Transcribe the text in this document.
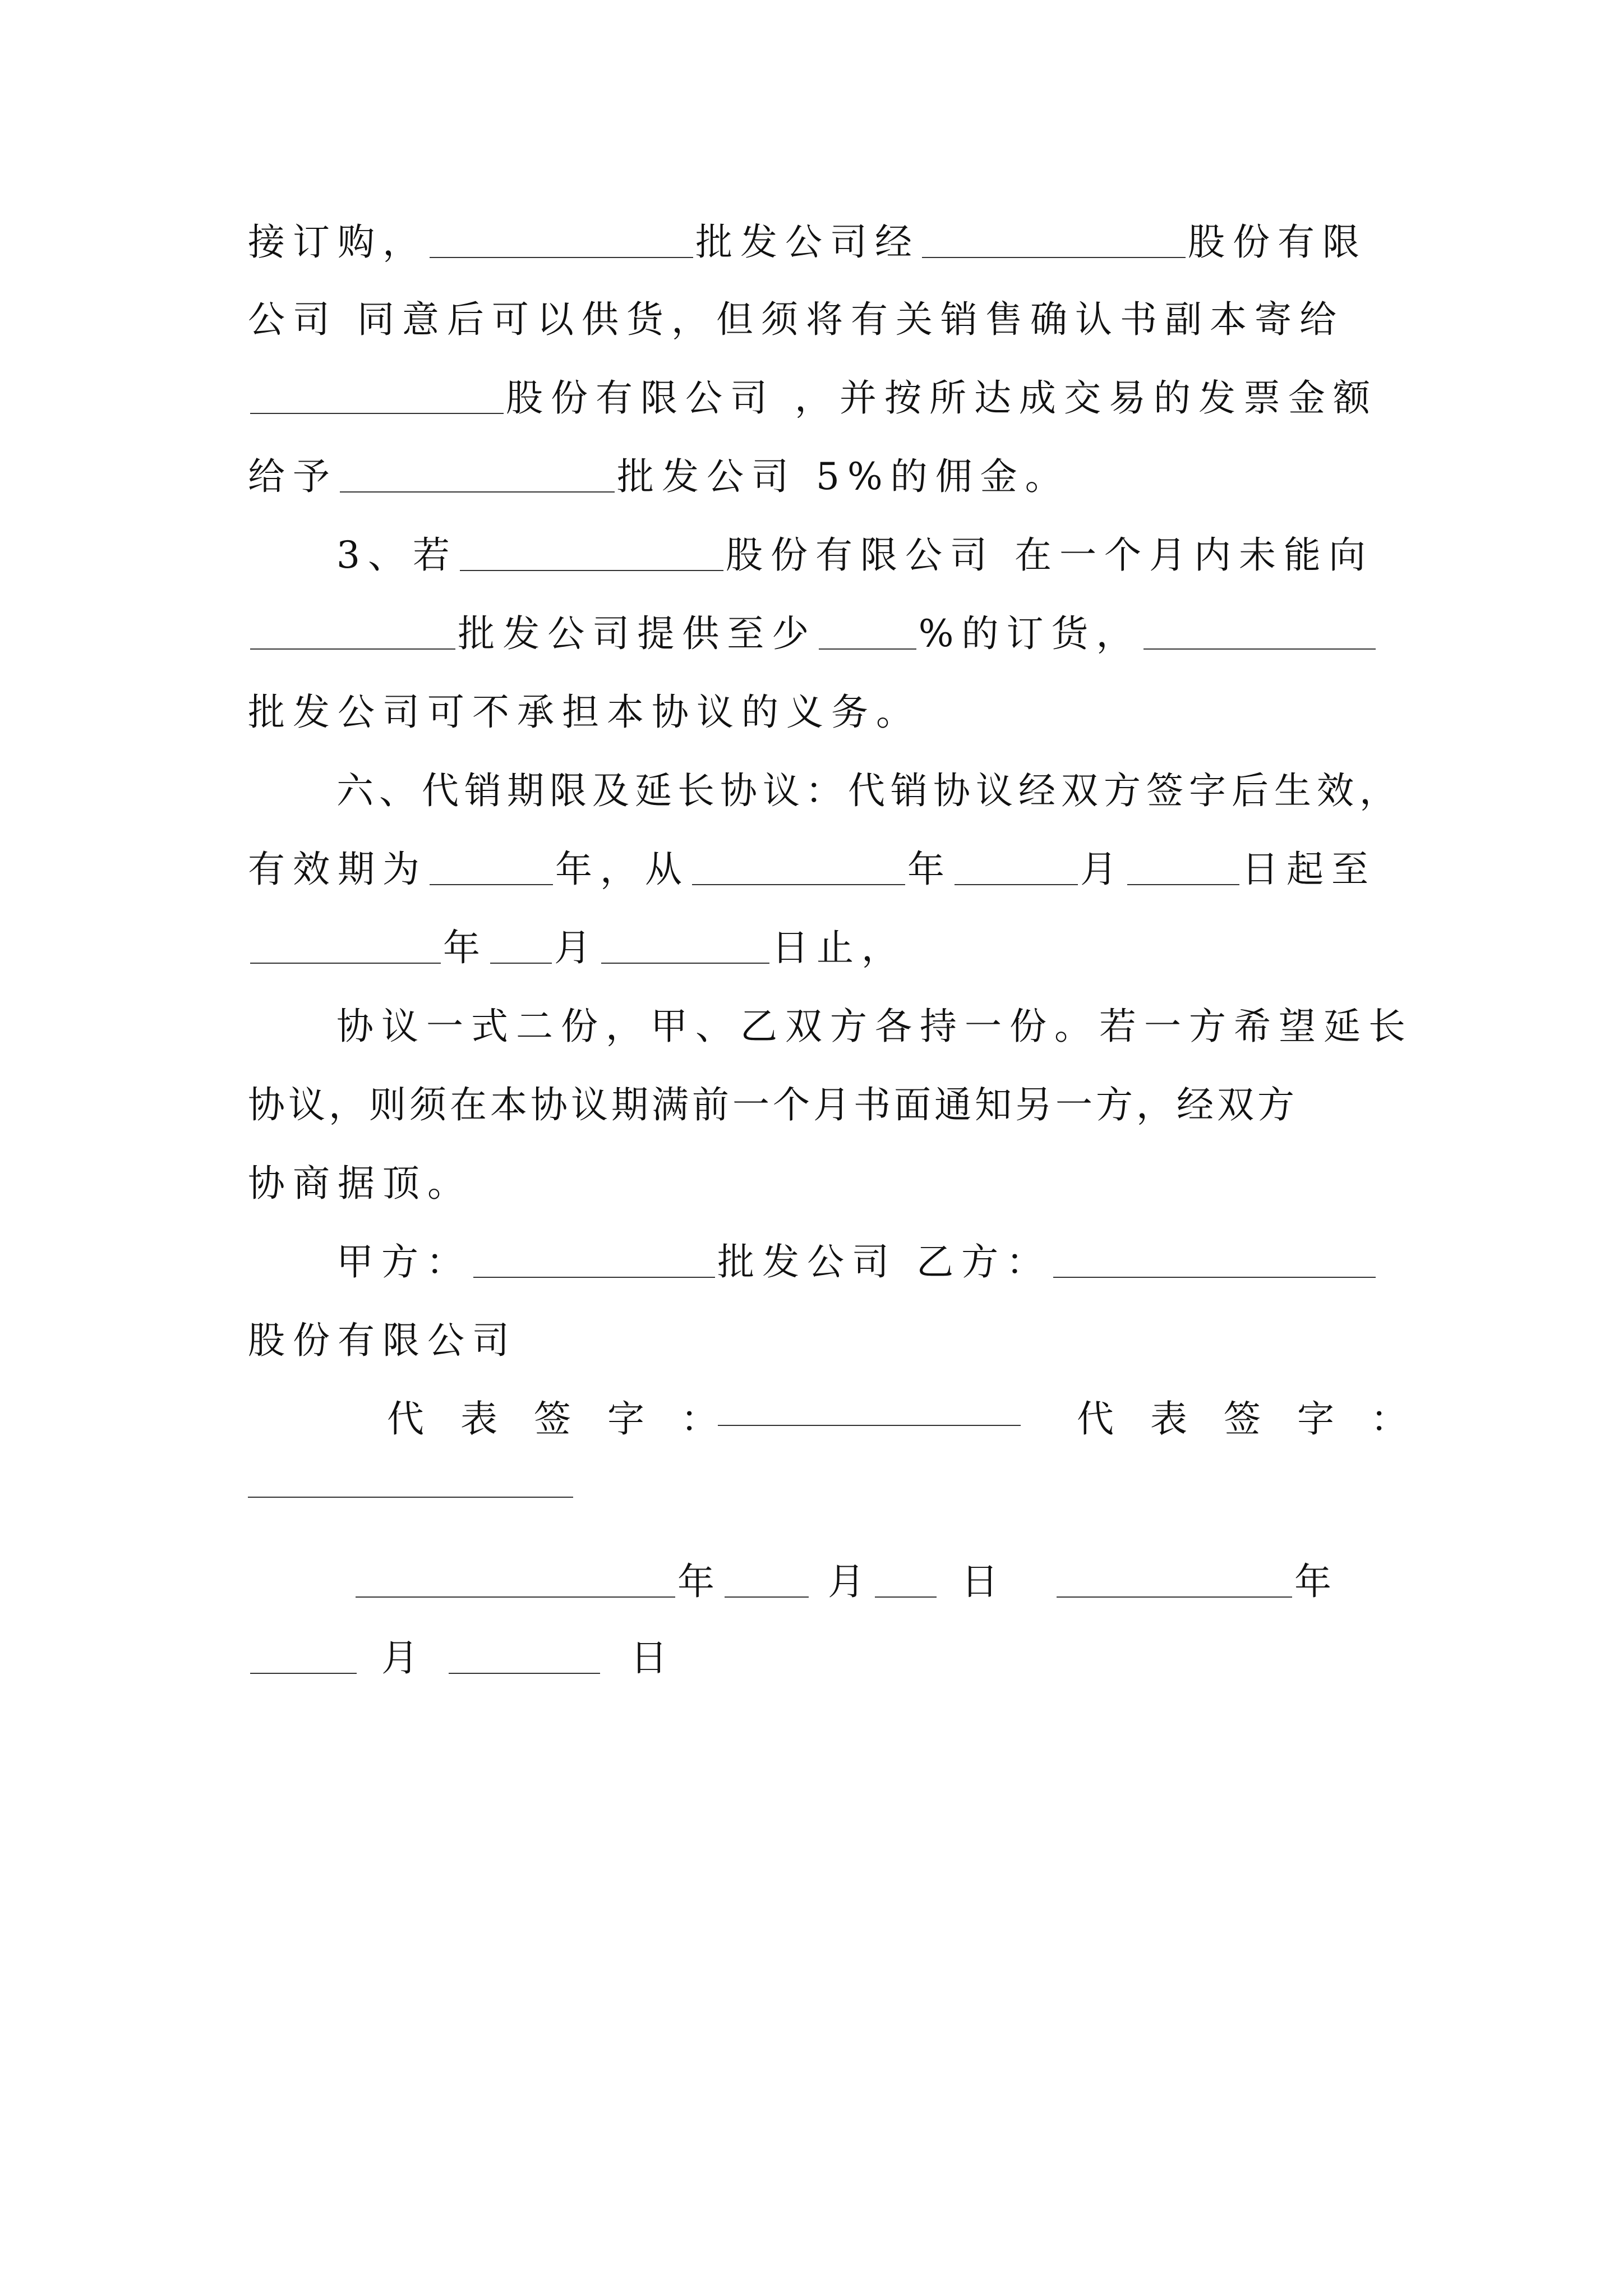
接订购，	批发公司经	股份有限
公司 同意后可以供货，但须将有关销售确认书副本寄给
股份有限公司 ，并按所达成交易的发票金额
给予	批发公司 5%的佣金。
3、若	股份有限公司 在一个月内未能向
批发公司提供至少	%的订货，
批发公司可不承担本协议的义务。
六、代销期限及延长协议：代销协议经双方签字后生效，
有效期为	年，从	年	月	日起至
年 月	日止，
协议一式二份，甲、乙双方各持一份。若一方希望延长
协议，则须在本协议期满前一个月书面通知另一方，经双方
协商据顶。
甲方：	批发公司 乙方：
股份有限公司
代 表 签 字 ：	代 表 签 字 ：
年	月 日	年
月	日
